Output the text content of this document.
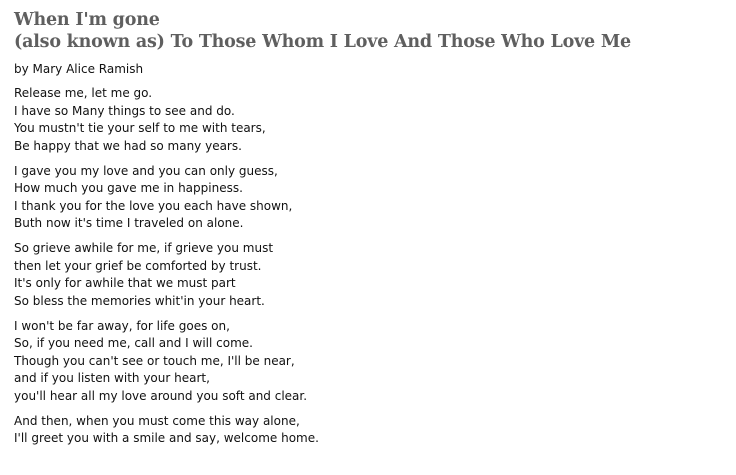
When I'm gone
(also known as) To Those Whom I Love And Those Who Love Me
by Mary Alice Ramish
Release me, let me go.
I have so Many things to see and do.
You mustn't tie your self to me with tears,
Be happy that we had so many years.
I gave you my love and you can only guess,
How much you gave me in happiness.
I thank you for the love you each have shown,
Buth now it's time I traveled on alone.
So grieve awhile for me, if grieve you must
then let your grief be comforted by trust.
It's only for awhile that we must part
So bless the memories whit'in your heart.
I won't be far away, for life goes on,
So, if you need me, call and I will come.
Though you can't see or touch me, I'll be near,
and if you listen with your heart,
you'll hear all my love around you soft and clear.
And then, when you must come this way alone,
I'll greet you with a smile and say, welcome home.
